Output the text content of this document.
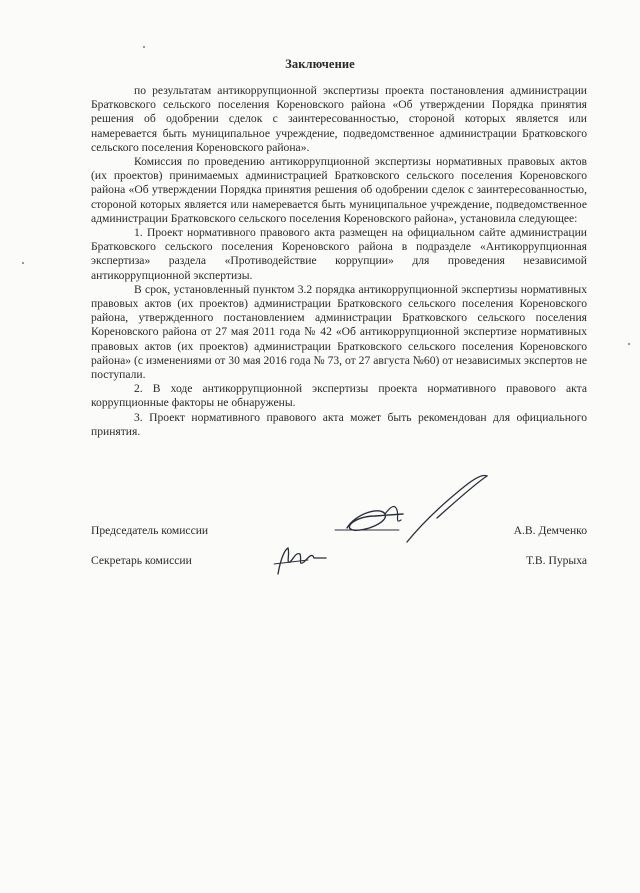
Заключение

по результатам антикоррупционной экспертизы проекта постановления администрации Братковского сельского поселения Кореновского района «Об утверждении Порядка принятия решения об одобрении сделок с заинтересованностью, стороной которых является или намеревается быть муниципальное учреждение, подведомственное администрации Братковского сельского поселения Кореновского района».

Комиссия по проведению антикоррупционной экспертизы нормативных правовых актов (их проектов) принимаемых администрацией Братковского сельского поселения Кореновского района «Об утверждении Порядка принятия решения об одобрении сделок с заинтересованностью, стороной которых является или намеревается быть муниципальное учреждение, подведомственное администрации Братковского сельского поселения Кореновского района», установила следующее:

1. Проект нормативного правового акта размещен на официальном сайте администрации Братковского сельского поселения Кореновского района в подразделе «Антикоррупционная экспертиза» раздела «Противодействие коррупции» для проведения независимой антикоррупционной экспертизы.

В срок, установленный пунктом 3.2 порядка антикоррупционной экспертизы нормативных правовых актов (их проектов) администрации Братковского сельского поселения Кореновского района, утвержденного постановлением администрации Братковского сельского поселения Кореновского района от 27 мая 2011 года № 42 «Об антикоррупционной экспертизе нормативных правовых актов (их проектов) администрации Братковского сельского поселения Кореновского района» (с изменениями от 30 мая 2016 года № 73, от 27 августа №60) от независимых экспертов не поступали.

2. В ходе антикоррупционной экспертизы проекта нормативного правового акта коррупционные факторы не обнаружены.

3. Проект нормативного правового акта может быть рекомендован для официального принятия.

Председатель комиссии	А.В. Демченко
Секретарь комиссии	Т.В. Пурыха
